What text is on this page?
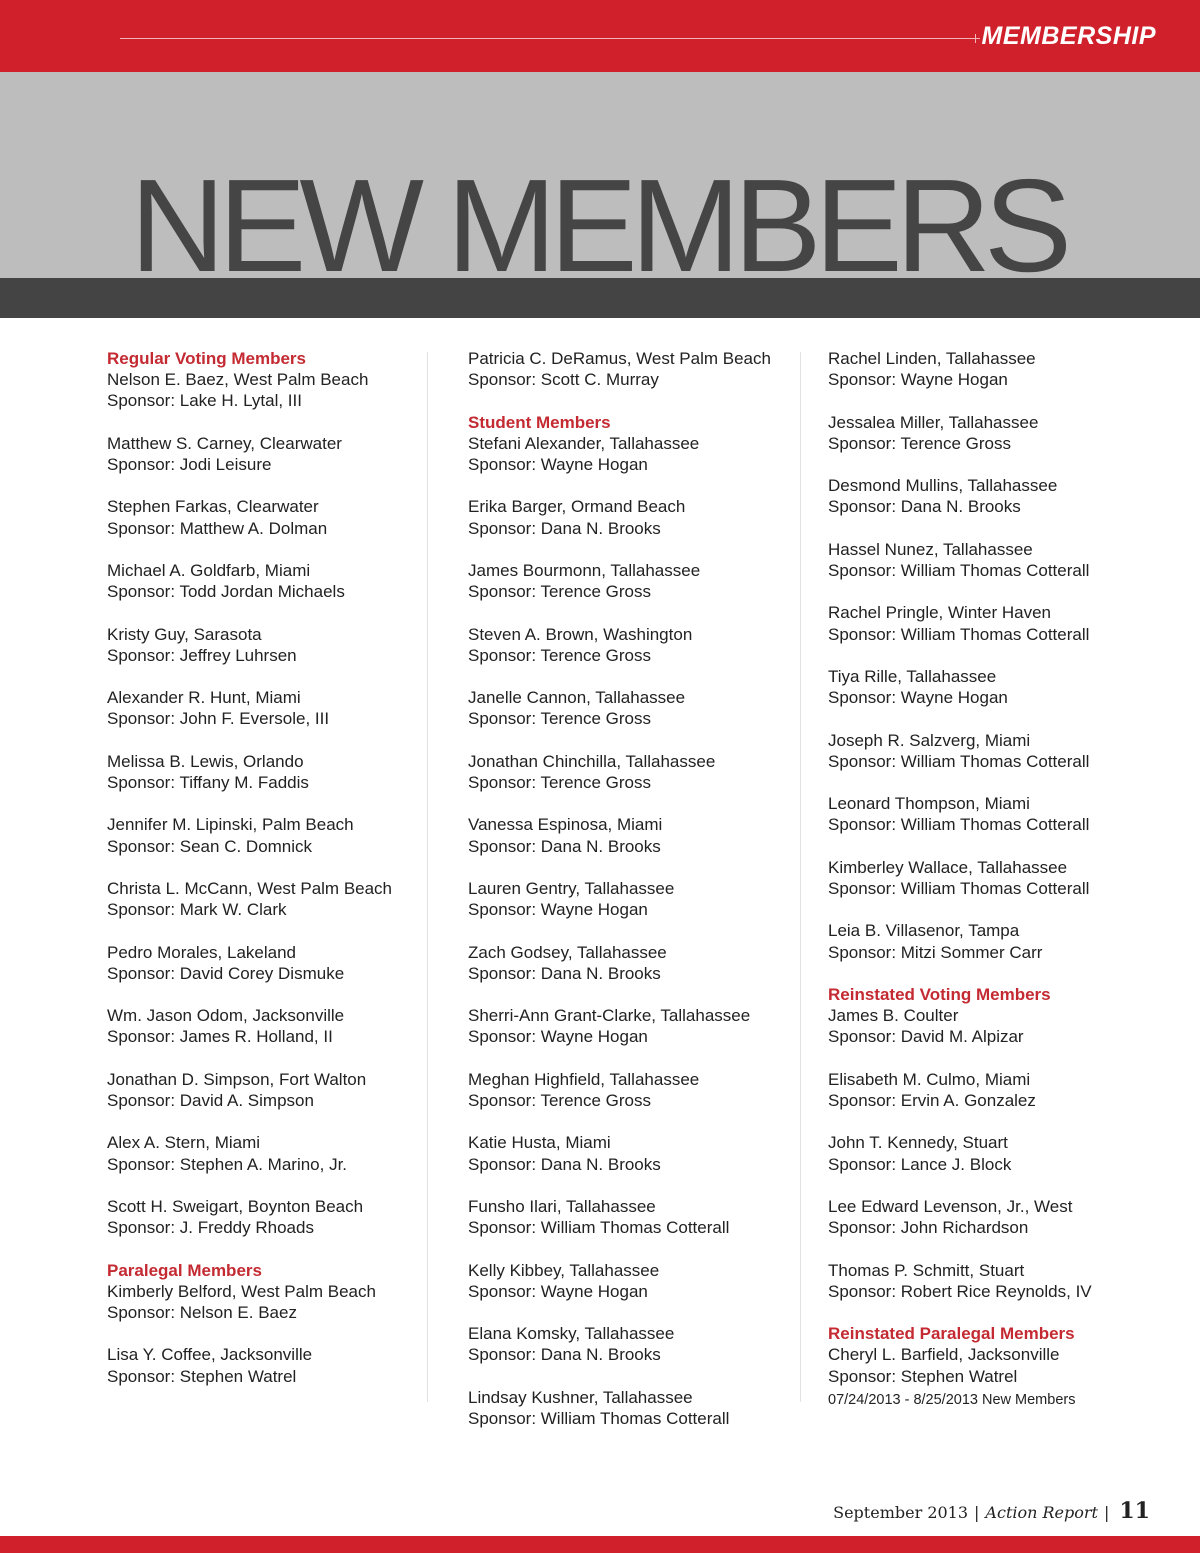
MEMBERSHIP
NEW MEMBERS
Regular Voting Members
Nelson E. Baez, West Palm Beach
Sponsor: Lake H. Lytal, III
Matthew S. Carney, Clearwater
Sponsor: Jodi Leisure
Stephen Farkas, Clearwater
Sponsor: Matthew A. Dolman
Michael A. Goldfarb, Miami
Sponsor: Todd Jordan Michaels
Kristy Guy, Sarasota
Sponsor: Jeffrey Luhrsen
Alexander R. Hunt, Miami
Sponsor: John F. Eversole, III
Melissa B. Lewis, Orlando
Sponsor: Tiffany M. Faddis
Jennifer M. Lipinski, Palm Beach
Sponsor: Sean C. Domnick
Christa L. McCann, West Palm Beach
Sponsor: Mark W. Clark
Pedro Morales, Lakeland
Sponsor: David Corey Dismuke
Wm. Jason Odom, Jacksonville
Sponsor: James R. Holland, II
Jonathan D. Simpson, Fort Walton
Sponsor: David A. Simpson
Alex A. Stern, Miami
Sponsor: Stephen A. Marino, Jr.
Scott H. Sweigart, Boynton Beach
Sponsor: J. Freddy Rhoads
Paralegal Members
Kimberly Belford, West Palm Beach
Sponsor: Nelson E. Baez
Lisa Y. Coffee, Jacksonville
Sponsor: Stephen Watrel
Patricia C. DeRamus, West Palm Beach
Sponsor: Scott C. Murray
Student Members
Stefani Alexander, Tallahassee
Sponsor: Wayne Hogan
Erika Barger, Ormand Beach
Sponsor: Dana N. Brooks
James Bourmonn, Tallahassee
Sponsor: Terence Gross
Steven A. Brown, Washington
Sponsor: Terence Gross
Janelle Cannon, Tallahassee
Sponsor: Terence Gross
Jonathan Chinchilla, Tallahassee
Sponsor: Terence Gross
Vanessa Espinosa, Miami
Sponsor: Dana N. Brooks
Lauren Gentry, Tallahassee
Sponsor: Wayne Hogan
Zach Godsey, Tallahassee
Sponsor: Dana N. Brooks
Sherri-Ann Grant-Clarke, Tallahassee
Sponsor: Wayne Hogan
Meghan Highfield, Tallahassee
Sponsor: Terence Gross
Katie Husta, Miami
Sponsor: Dana N. Brooks
Funsho Ilari, Tallahassee
Sponsor: William Thomas Cotterall
Kelly Kibbey, Tallahassee
Sponsor: Wayne Hogan
Elana Komsky, Tallahassee
Sponsor: Dana N. Brooks
Lindsay Kushner, Tallahassee
Sponsor: William Thomas Cotterall
Rachel Linden, Tallahassee
Sponsor: Wayne Hogan
Jessalea Miller, Tallahassee
Sponsor: Terence Gross
Desmond Mullins, Tallahassee
Sponsor: Dana N. Brooks
Hassel Nunez, Tallahassee
Sponsor: William Thomas Cotterall
Rachel Pringle, Winter Haven
Sponsor: William Thomas Cotterall
Tiya Rille, Tallahassee
Sponsor: Wayne Hogan
Joseph R. Salzverg, Miami
Sponsor: William Thomas Cotterall
Leonard Thompson, Miami
Sponsor: William Thomas Cotterall
Kimberley Wallace, Tallahassee
Sponsor: William Thomas Cotterall
Leia B. Villasenor, Tampa
Sponsor: Mitzi Sommer Carr
Reinstated Voting Members
James B. Coulter
Sponsor: David M. Alpizar
Elisabeth M. Culmo, Miami
Sponsor: Ervin A. Gonzalez
John T. Kennedy, Stuart
Sponsor: Lance J. Block
Lee Edward Levenson, Jr., West
Sponsor: John Richardson
Thomas P. Schmitt, Stuart
Sponsor: Robert Rice Reynolds, IV
Reinstated Paralegal Members
Cheryl L. Barfield, Jacksonville
Sponsor: Stephen Watrel
07/24/2013 - 8/25/2013 New Members
September 2013 | Action Report | 11
